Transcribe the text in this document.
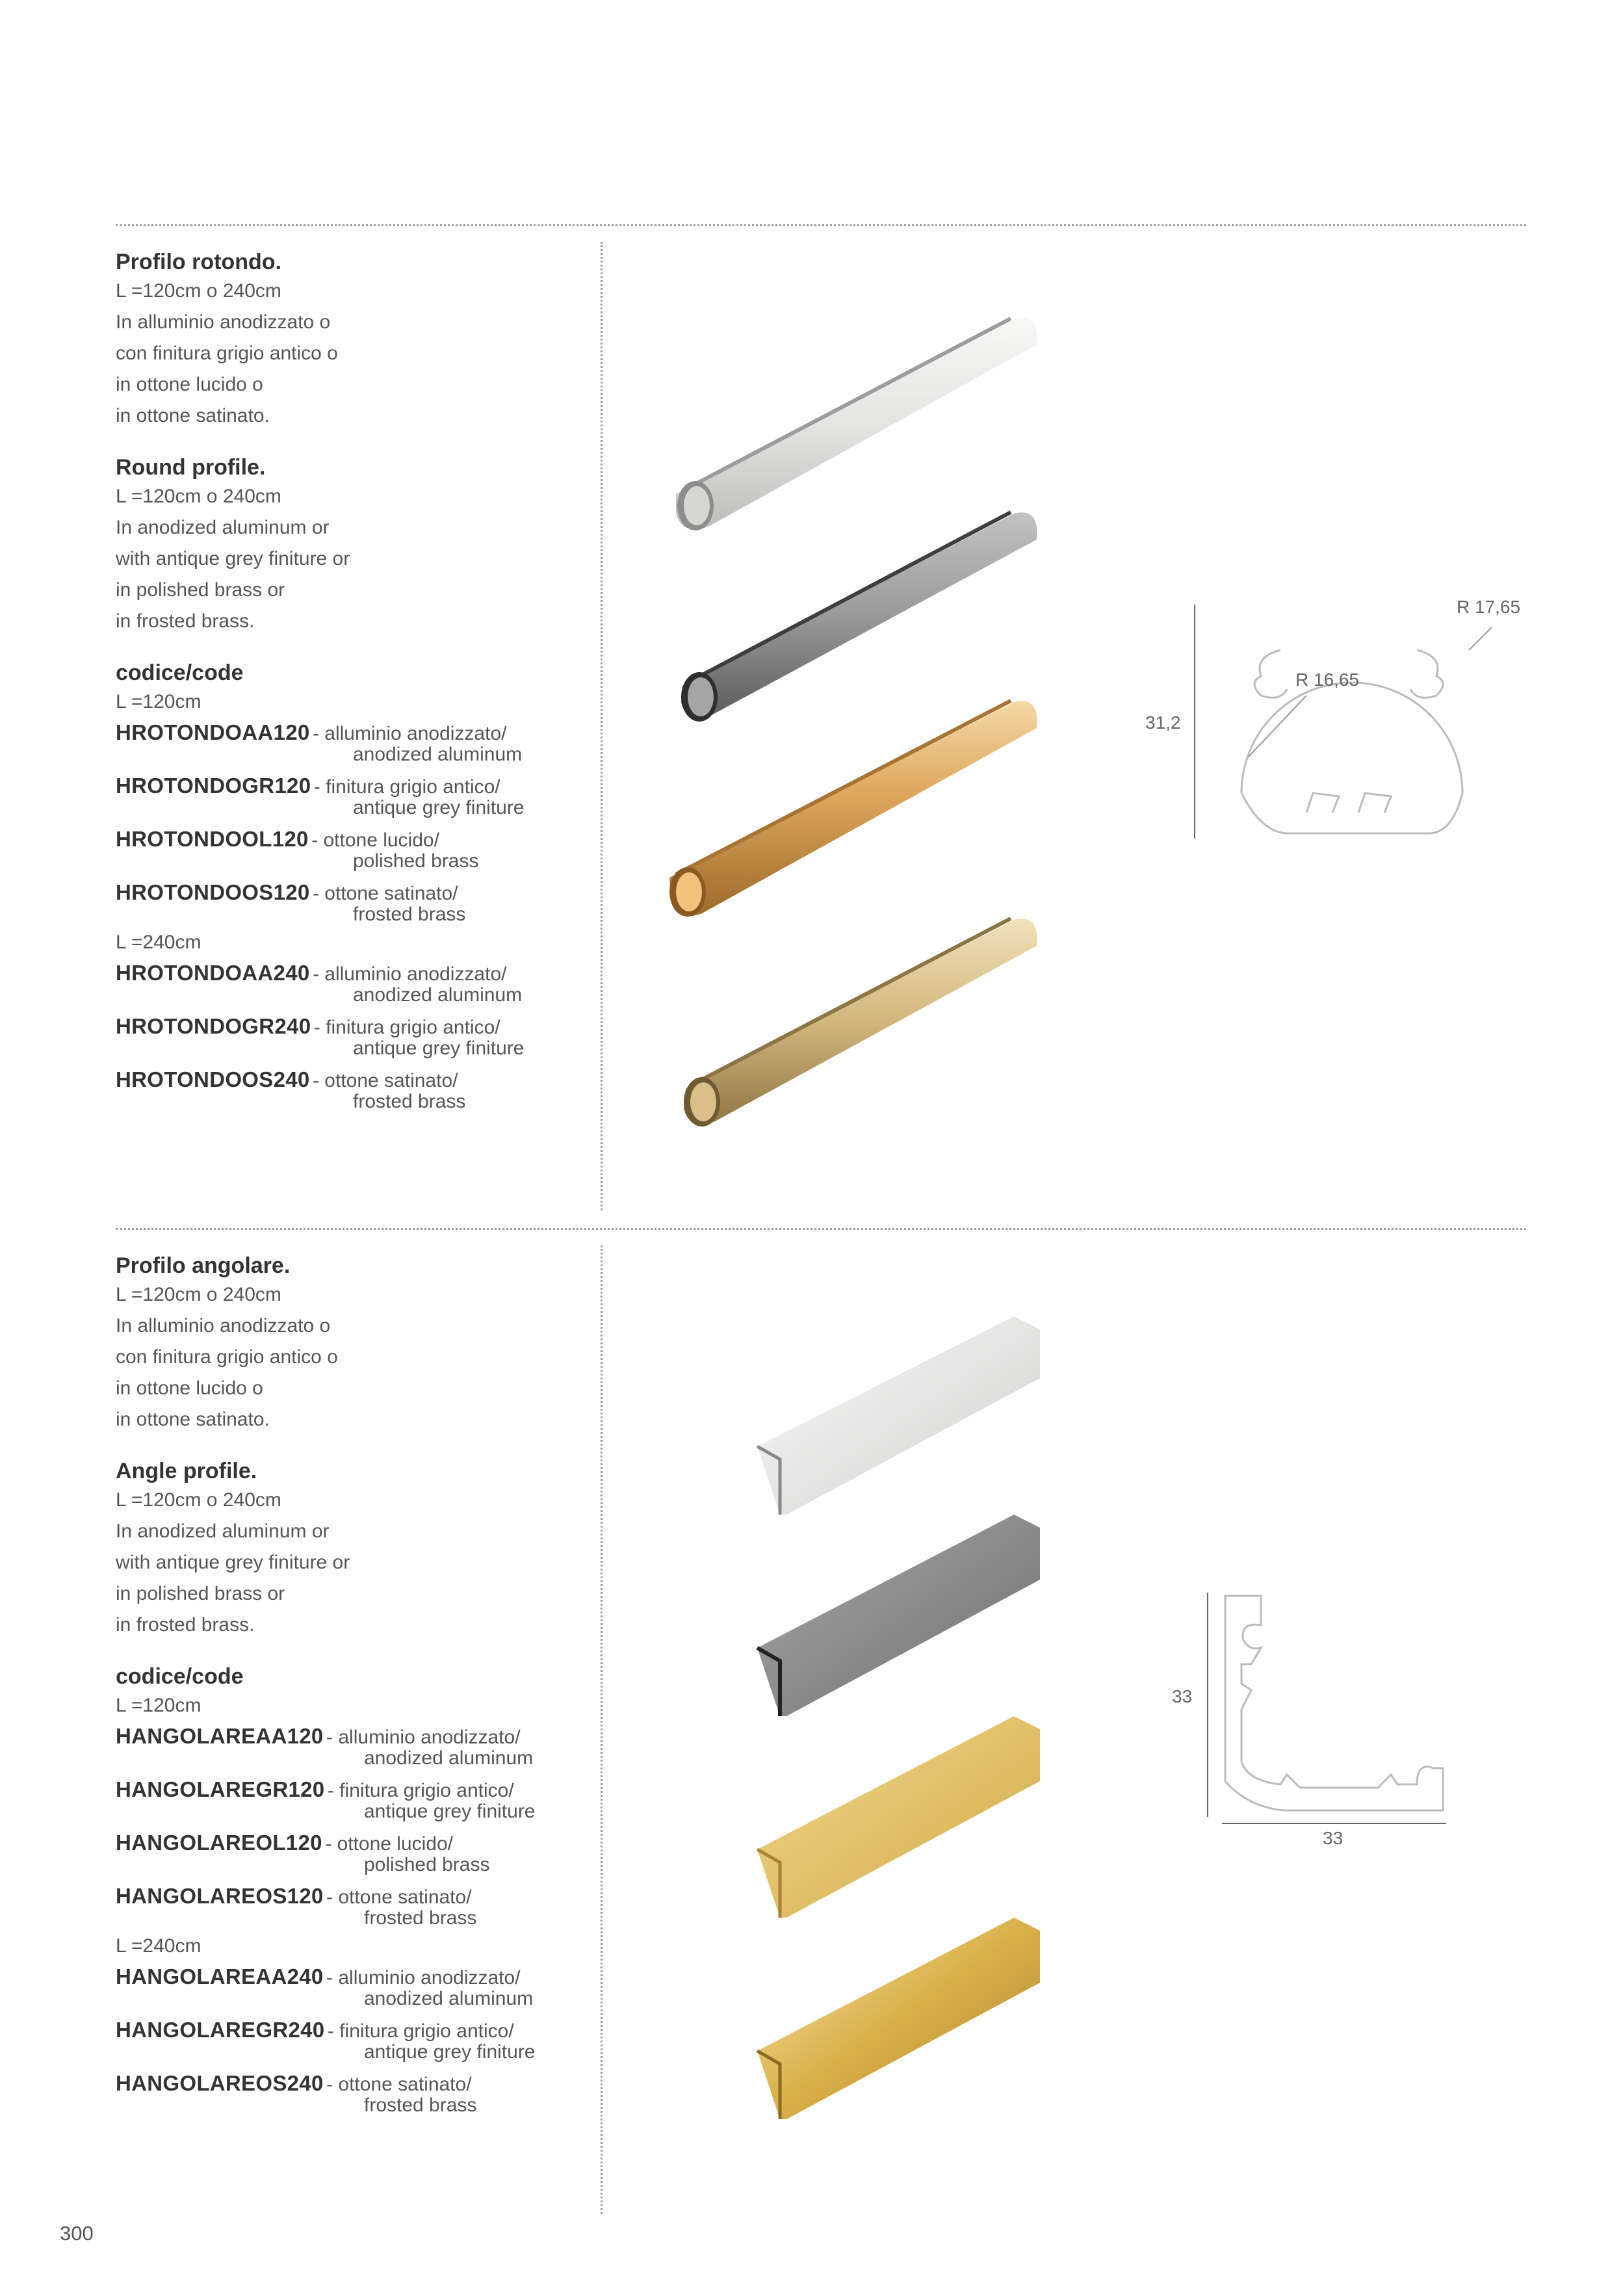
Profilo rotondo.

L =120cm o 240cm

In alluminio anodizzato o

con finitura grigio antico o

in ottone lucido o

in ottone satinato.

Round profile.

L =120cm o 240cm

In anodized aluminum or

with antique grey finiture or

in polished brass or

in frosted brass.

codice/code

L =120cm

HROTONDOAA120 - alluminio anodizzato/
anodized aluminum
HROTONDOGR120 - finitura grigio antico/
antique grey finiture
HROTONDOOL120 - ottone lucido/
polished brass
HROTONDOOS120 - ottone satinato/
frosted brass

L =240cm

HROTONDOAA240 - alluminio anodizzato/
anodized aluminum
HROTONDOGR240 - finitura grigio antico/
antique grey finiture
HROTONDOOS240 - ottone satinato/
frosted brass
31,2
R 17,65
R 16,65

Profilo angolare.

L =120cm o 240cm

In alluminio anodizzato o

con finitura grigio antico o

in ottone lucido o

in ottone satinato.

Angle profile.

L =120cm o 240cm

In anodized aluminum or

with antique grey finiture or

in polished brass or

in frosted brass.

codice/code

L =120cm

HANGOLAREAA120 - alluminio anodizzato/
anodized aluminum
HANGOLAREGR120 - finitura grigio antico/
antique grey finiture
HANGOLAREOL120 - ottone lucido/
polished brass
HANGOLAREOS120 - ottone satinato/
frosted brass

L =240cm

HANGOLAREAA240 - alluminio anodizzato/
anodized aluminum
HANGOLAREGR240 - finitura grigio antico/
antique grey finiture
HANGOLAREOS240 - ottone satinato/
frosted brass
33
33
300
